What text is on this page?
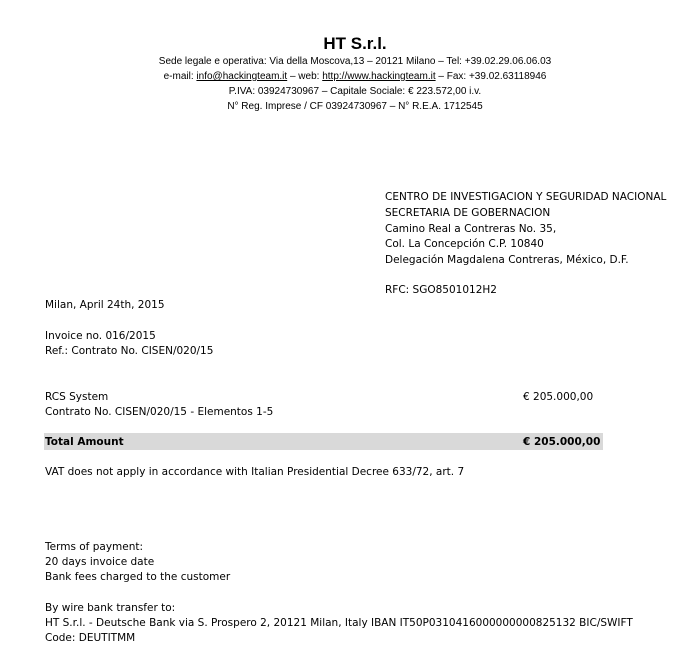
HT S.r.l.
Sede legale e operativa: Via della Moscova,13 – 20121 Milano – Tel: +39.02.29.06.06.03
e-mail: info@hackingteam.it – web: http://www.hackingteam.it – Fax: +39.02.63118946
P.IVA: 03924730967 – Capitale Sociale: € 223.572,00 i.v.
N° Reg. Imprese / CF 03924730967 – N° R.E.A. 1712545
CENTRO DE INVESTIGACION Y SEGURIDAD NACIONAL
SECRETARIA DE GOBERNACION
Camino Real a Contreras No. 35,
Col. La Concepción C.P. 10840
Delegación Magdalena Contreras, México, D.F.
RFC: SGO8501012H2
Milan, April 24th, 2015
Invoice no. 016/2015
Ref.: Contrato No. CISEN/020/15
RCS System
Contrato No. CISEN/020/15 - Elementos 1-5
€ 205.000,00
Total Amount	€ 205.000,00
VAT does not apply in accordance with Italian Presidential Decree 633/72, art. 7
Terms of payment:
20 days invoice date
Bank fees charged to the customer
By wire bank transfer to:
HT S.r.l. - Deutsche Bank via S. Prospero 2, 20121 Milan, Italy IBAN IT50P0310416000000000825132 BIC/SWIFT
Code: DEUTITMM
